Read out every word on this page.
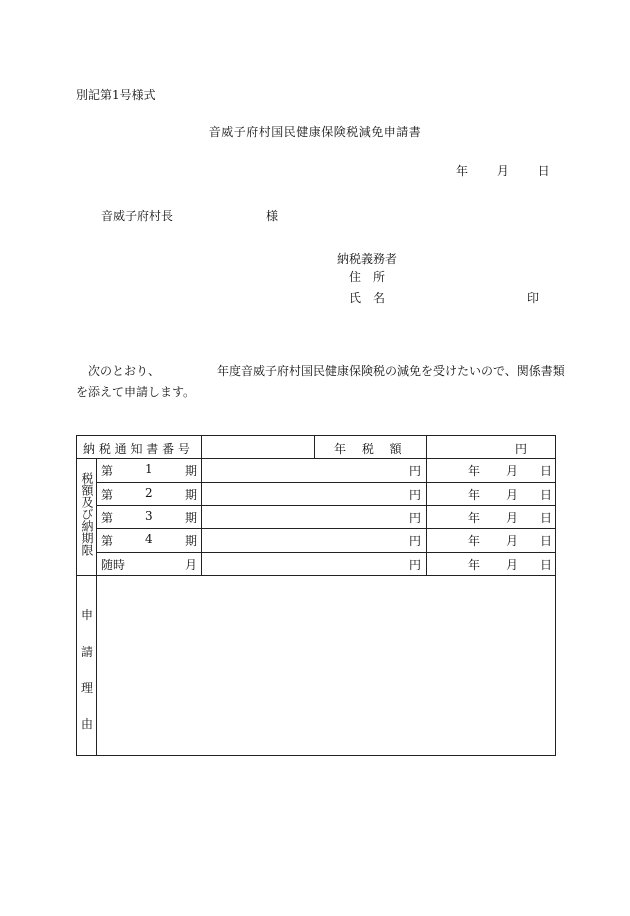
別記第1号様式
音威子府村国民健康保険税減免申請書
年 月 日
音威子府村長	様
納税義務者
住　所
氏　名	印
次のとおり、	年度音威子府村国民健康保険税の減免を受けたいので、関係書類
を添えて申請します。
納 税 通 知 書 番 号	年　 税　 額	円
税額及び納期限
第	1	期	円	年 月 日
第	2	期	円	年 月 日
第	3	期	円	年 月 日
第	4	期	円	年 月 日
随時	月	円	年 月 日
申
請
理
由
